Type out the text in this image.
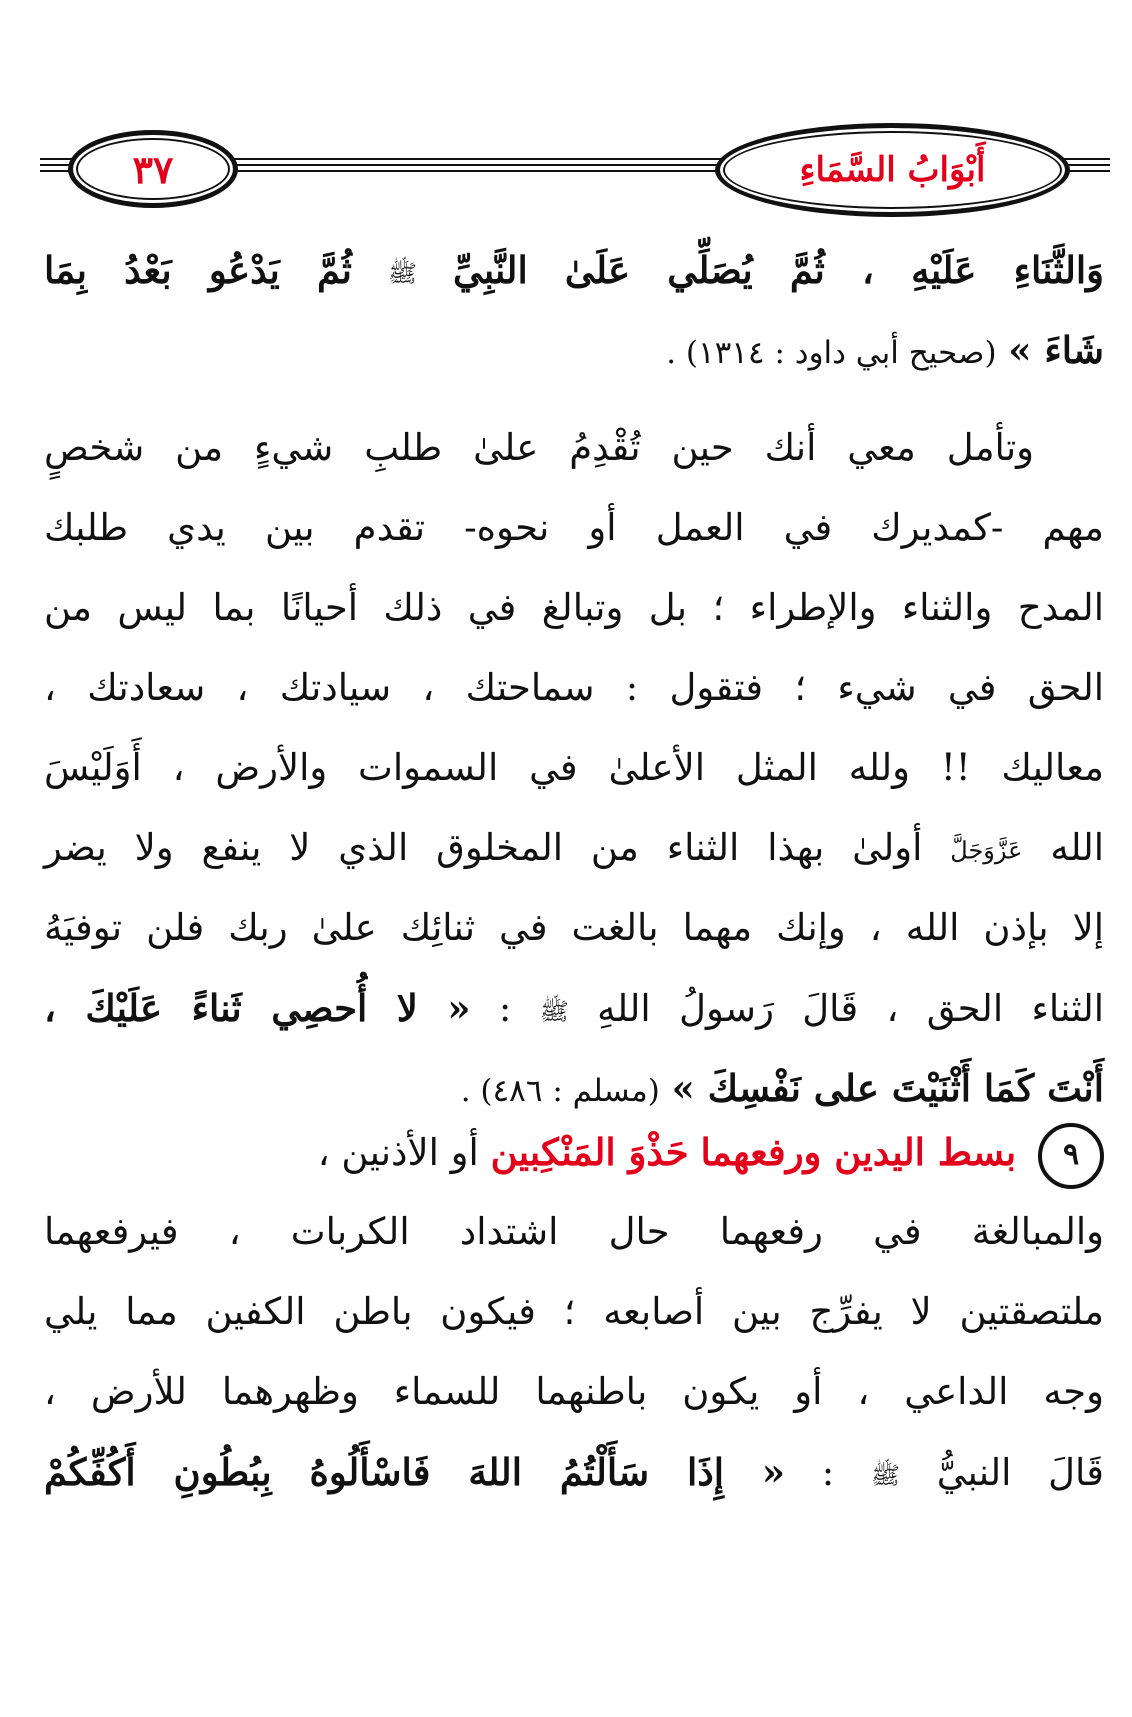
أَبْوَابُ السَّمَاءِ
٣٧
وَالثَّنَاءِ عَلَيْهِ ، ثُمَّ يُصَلِّي عَلَىٰ النَّبِيِّ ﷺ ثُمَّ يَدْعُو بَعْدُ بِمَا
شَاءَ » (صحيح أبي داود : ١٣١٤) .
وتأمل معي أنك حين تُقْدِمُ علىٰ طلبِ شيءٍ من شخصٍ
مهم -كمديرك في العمل أو نحوه- تقدم بين يدي طلبك
المدح والثناء والإطراء ؛ بل وتبالغ في ذلك أحيانًا بما ليس من
الحق في شيء ؛ فتقول : سماحتك ، سيادتك ، سعادتك ،
معاليك !! ولله المثل الأعلىٰ في السموات والأرض ، أَوَلَيْسَ
الله عَزَّوَجَلَّ أولىٰ بهذا الثناء من المخلوق الذي لا ينفع ولا يضر
إلا بإذن الله ، وإنك مهما بالغت في ثنائِك علىٰ ربك فلن توفيَهُ
الثناء الحق ، قَالَ رَسولُ اللهِ ﷺ : « لا أُحصِي ثَناءً عَلَيْكَ ،
أَنْتَ كَمَا أَثْنَيْتَ على نَفْسِكَ » (مسلم : ٤٨٦) .
٩ بسط اليدين ورفعهما حَذْوَ المَنْكِبين أو الأذنين ،
والمبالغة في رفعهما حال اشتداد الكربات ، فيرفعهما
ملتصقتين لا يفرِّج بين أصابعه ؛ فيكون باطن الكفين مما يلي
وجه الداعي ، أو يكون باطنهما للسماء وظهرهما للأرض ،
قَالَ النبيُّ ﷺ : « إِذَا سَأَلْتُمُ اللهَ فَاسْأَلُوهُ بِبُطُونِ أَكُفِّكُمْ
